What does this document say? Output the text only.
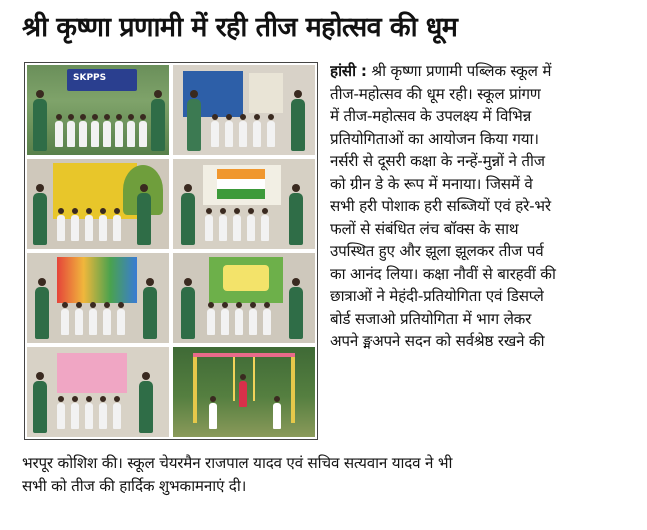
श्री कृष्णा प्रणामी में रही तीज महोत्सव की धूम
SKPPS	हांसी : श्री कृष्णा प्रणामी पब्लिक स्कूल में
तीज-महोत्सव की धूम रही। स्कूल प्रांगण
में तीज-महोत्सव के उपलक्ष्य में विभिन्न
प्रतियोगिताओं का आयोजन किया गया।
नर्सरी से दूसरी कक्षा के नन्हें-मुन्नों ने तीज
को ग्रीन डे के रूप में मनाया। जिसमें वे
सभी हरी पोशाक हरी सब्जियों एवं हरे-भरे
फलों से संबंधित लंच बॉक्स के साथ
उपस्थित हुए और झूला झूलकर तीज पर्व
का आनंद लिया। कक्षा नौवीं से बारहवीं की
छात्राओं ने मेहंदी-प्रतियोगिता एवं डिसप्ले
बोर्ड सजाओ प्रतियोगिता में भाग लेकर
अपने ङ्मअपने सदन को सर्वश्रेष्ठ रखने की
भरपूर कोशिश की। स्कूल चेयरमैन राजपाल यादव एवं सचिव सत्यवान यादव ने भी
सभी को तीज की हार्दिक शुभकामनाएं दी।
